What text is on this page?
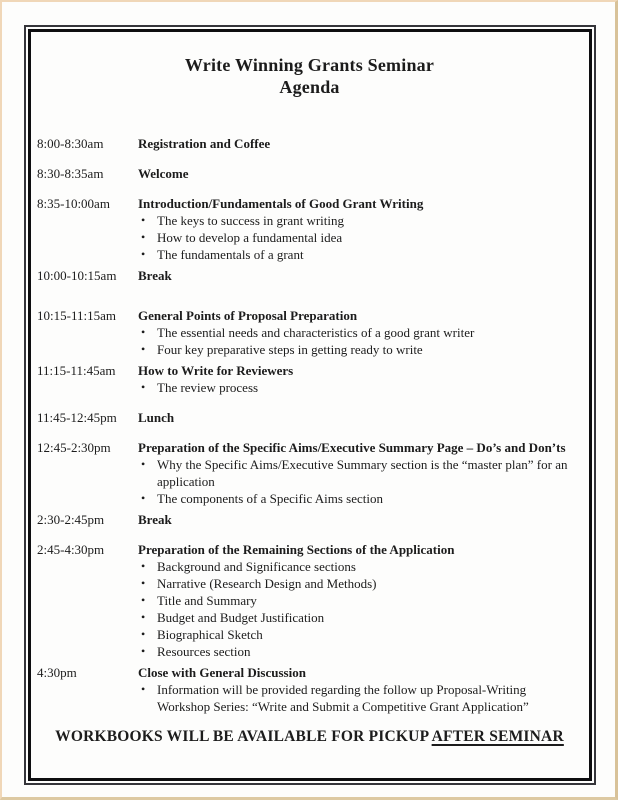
Write Winning Grants Seminar
Agenda
8:00-8:30am	Registration and Coffee
8:30-8:35am	Welcome
8:35-10:00am	Introduction/Fundamentals of Good Grant Writing
• The keys to success in grant writing
• How to develop a fundamental idea
• The fundamentals of a grant
10:00-10:15am	Break
10:15-11:15am	General Points of Proposal Preparation
• The essential needs and characteristics of a good grant writer
• Four key preparative steps in getting ready to write
11:15-11:45am	How to Write for Reviewers
• The review process
11:45-12:45pm	Lunch
12:45-2:30pm	Preparation of the Specific Aims/Executive Summary Page – Do’s and Don’ts
• Why the Specific Aims/Executive Summary section is the “master plan” for an application
• The components of a Specific Aims section
2:30-2:45pm	Break
2:45-4:30pm	Preparation of the Remaining Sections of the Application
• Background and Significance sections
• Narrative (Research Design and Methods)
• Title and Summary
• Budget and Budget Justification
• Biographical Sketch
• Resources section
4:30pm	Close with General Discussion
• Information will be provided regarding the follow up Proposal-Writing Workshop Series: “Write and Submit a Competitive Grant Application”
WORKBOOKS WILL BE AVAILABLE FOR PICKUP AFTER SEMINAR
